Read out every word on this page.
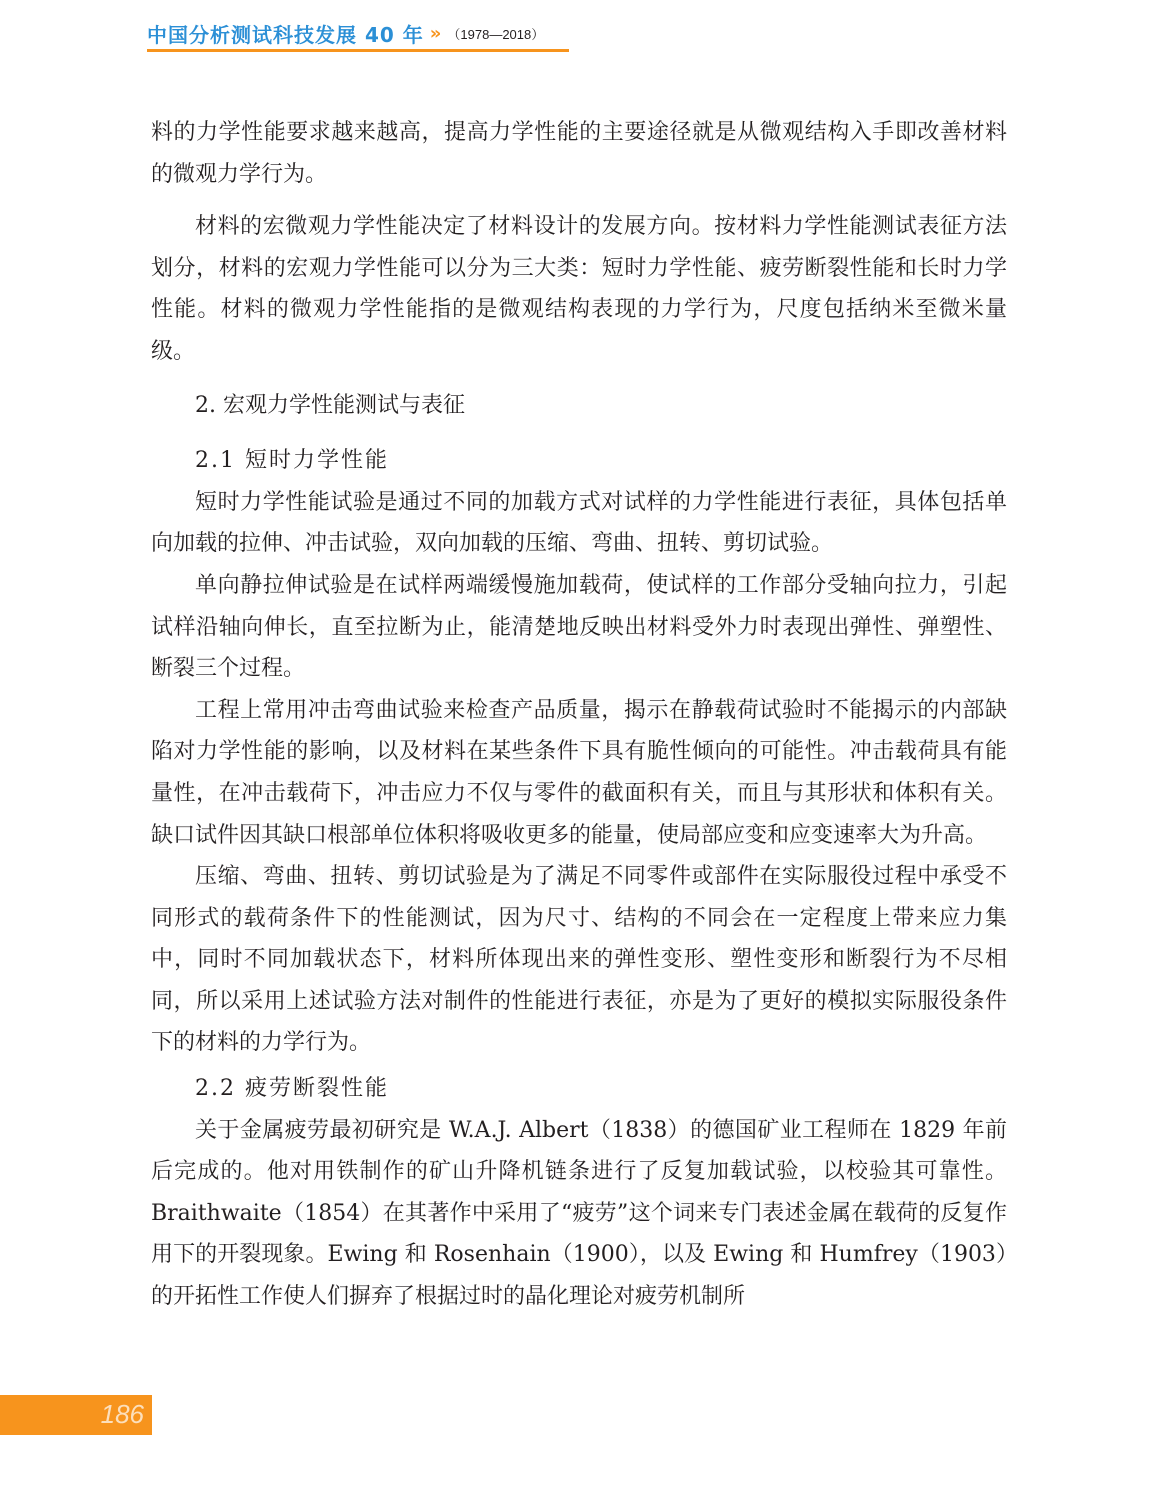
中国分析测试科技发展 40 年 » （1978—2018）

料的力学性能要求越来越高，提高力学性能的主要途径就是从微观结构入手即改善材料的微观力学行为。

材料的宏微观力学性能决定了材料设计的发展方向。按材料力学性能测试表征方法划分，材料的宏观力学性能可以分为三大类：短时力学性能、疲劳断裂性能和长时力学性能。材料的微观力学性能指的是微观结构表现的力学行为，尺度包括纳米至微米量级。

2. 宏观力学性能测试与表征

2.1 短时力学性能

短时力学性能试验是通过不同的加载方式对试样的力学性能进行表征，具体包括单向加载的拉伸、冲击试验，双向加载的压缩、弯曲、扭转、剪切试验。

单向静拉伸试验是在试样两端缓慢施加载荷，使试样的工作部分受轴向拉力，引起试样沿轴向伸长，直至拉断为止，能清楚地反映出材料受外力时表现出弹性、弹塑性、断裂三个过程。

工程上常用冲击弯曲试验来检查产品质量，揭示在静载荷试验时不能揭示的内部缺陷对力学性能的影响，以及材料在某些条件下具有脆性倾向的可能性。冲击载荷具有能量性，在冲击载荷下，冲击应力不仅与零件的截面积有关，而且与其形状和体积有关。缺口试件因其缺口根部单位体积将吸收更多的能量，使局部应变和应变速率大为升高。

压缩、弯曲、扭转、剪切试验是为了满足不同零件或部件在实际服役过程中承受不同形式的载荷条件下的性能测试，因为尺寸、结构的不同会在一定程度上带来应力集中，同时不同加载状态下，材料所体现出来的弹性变形、塑性变形和断裂行为不尽相同，所以采用上述试验方法对制件的性能进行表征，亦是为了更好的模拟实际服役条件下的材料的力学行为。

2.2 疲劳断裂性能

关于金属疲劳最初研究是 W.A.J. Albert（1838）的德国矿业工程师在 1829 年前后完成的。他对用铁制作的矿山升降机链条进行了反复加载试验，以校验其可靠性。Braithwaite（1854）在其著作中采用了“疲劳”这个词来专门表述金属在载荷的反复作用下的开裂现象。Ewing 和 Rosenhain（1900），以及 Ewing 和 Humfrey（1903）的开拓性工作使人们摒弃了根据过时的晶化理论对疲劳机制所

186
